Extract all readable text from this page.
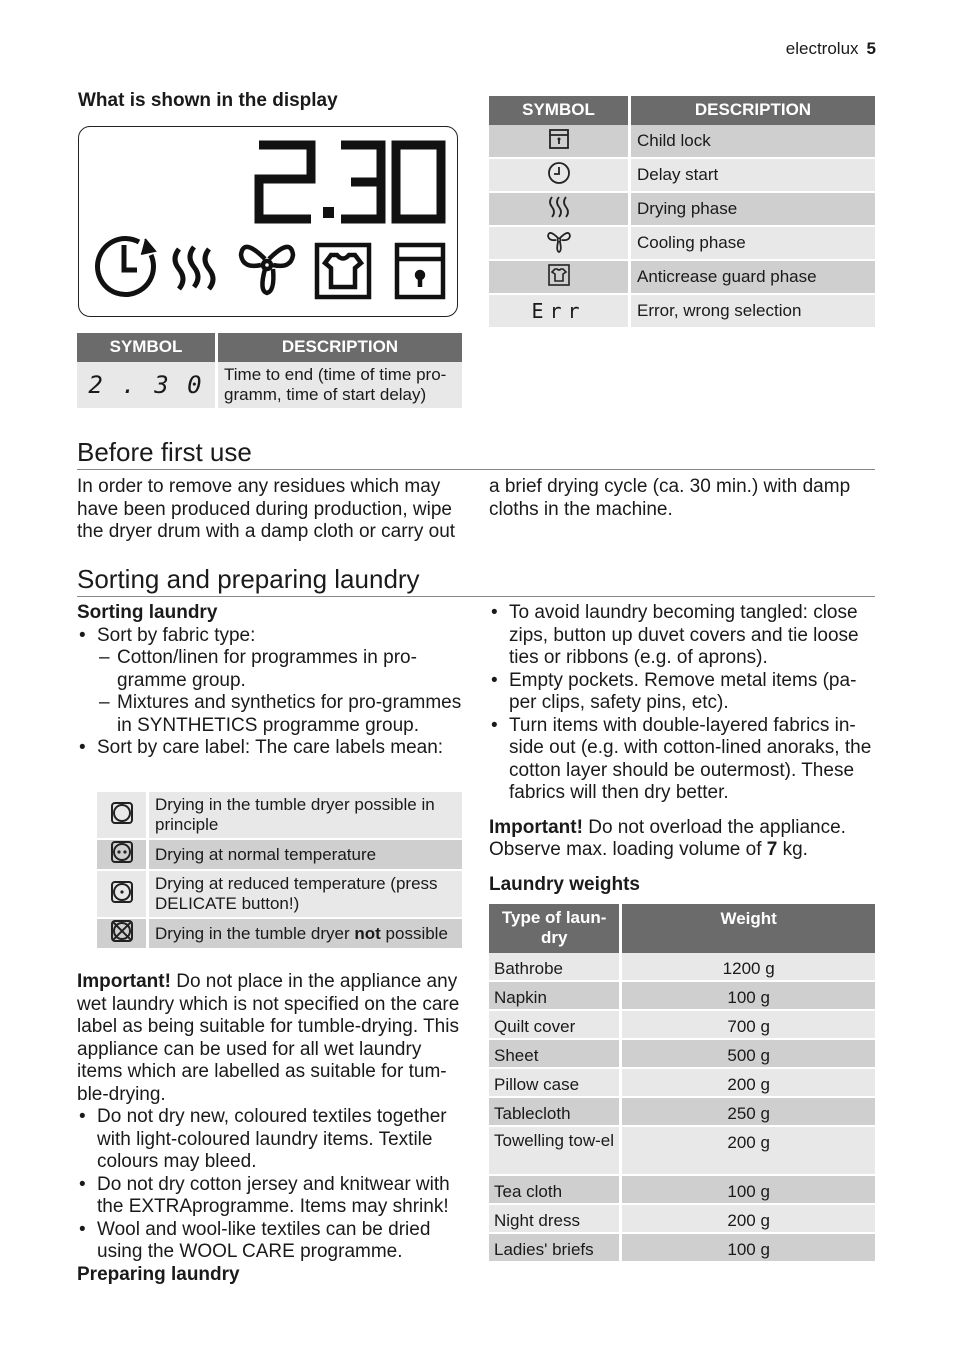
electrolux 5
What is shown in the display
SYMBOL	DESCRIPTION
2 . 3 0	Time to end (time of time pro-gramm, time of start delay)
SYMBOL	DESCRIPTION
	Child lock
	Delay start
	Drying phase
	Cooling phase
	Anticrease guard phase
Err	Error, wrong selection
Before first use
In order to remove any residues which may have been produced during production, wipe the dryer drum with a damp cloth or carry out
a brief drying cycle (ca. 30 min.) with damp cloths in the machine.
Sorting and preparing laundry
Sorting laundry
• Sort by fabric type:
– Cotton/linen for programmes in pro-gramme group.
– Mixtures and synthetics for pro-grammes in SYNTHETICS programme group.
• Sort by care label: The care labels mean:
	Drying in the tumble dryer possible in principle
	Drying at normal temperature
	Drying at reduced temperature (press DELICATE button!)
	Drying in the tumble dryer not possible
Important! Do not place in the appliance any wet laundry which is not specified on the care label as being suitable for tumble-drying. This appliance can be used for all wet laundry items which are labelled as suitable for tum-ble-drying.
• Do not dry new, coloured textiles together with light-coloured laundry items. Textile colours may bleed.
• Do not dry cotton jersey and knitwear with the EXTRAprogramme. Items may shrink!
• Wool and wool-like textiles can be dried using the WOOL CARE programme.
Preparing laundry
• To avoid laundry becoming tangled: close zips, button up duvet covers and tie loose ties or ribbons (e.g. of aprons).
• Empty pockets. Remove metal items (pa-per clips, safety pins, etc).
• Turn items with double-layered fabrics in-side out (e.g. with cotton-lined anoraks, the cotton layer should be outermost). These fabrics will then dry better.
Important! Do not overload the appliance. Observe max. loading volume of 7 kg.
Laundry weights
Type of laun-dry	Weight
Bathrobe	1200 g
Napkin	100 g
Quilt cover	700 g
Sheet	500 g
Pillow case	200 g
Tablecloth	250 g
Towelling tow-el	200 g
Tea cloth	100 g
Night dress	200 g
Ladies' briefs	100 g
